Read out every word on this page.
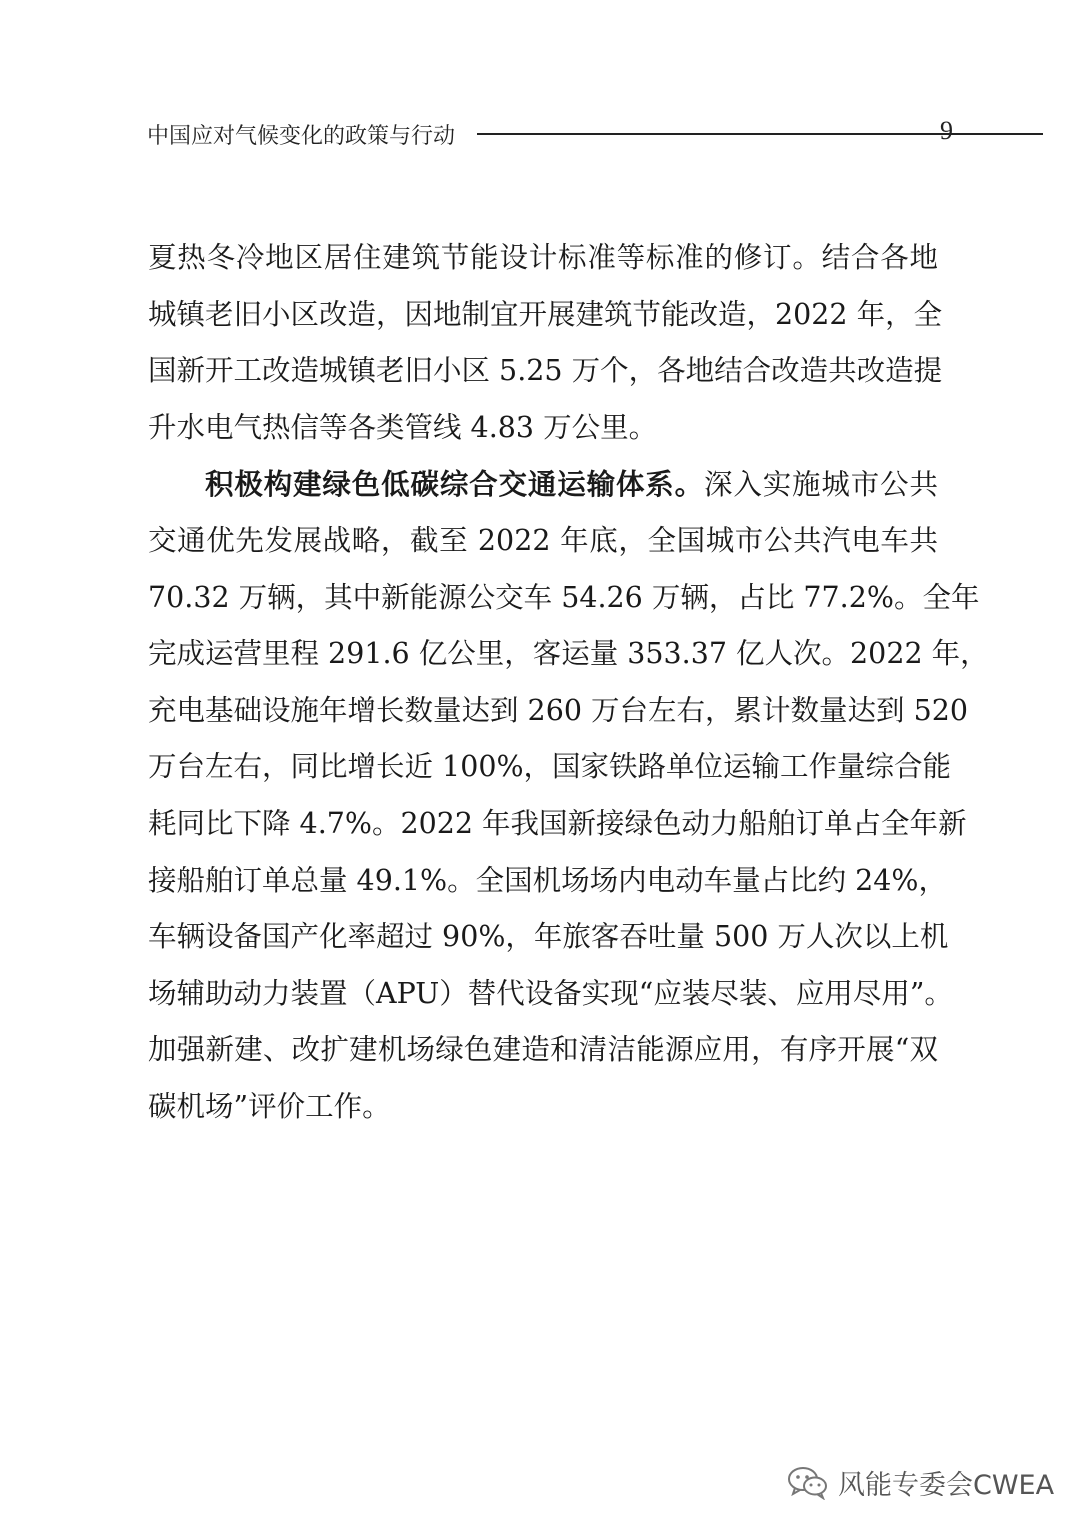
中国应对气候变化的政策与行动	9
夏热冬冷地区居住建筑节能设计标准等标准的修订。结合各地
城镇老旧小区改造，因地制宜开展建筑节能改造，2022 年，全
国新开工改造城镇老旧小区 5.25 万个，各地结合改造共改造提
升水电气热信等各类管线 4.83 万公里。
积极构建绿色低碳综合交通运输体系。深入实施城市公共
交通优先发展战略，截至 2022 年底，全国城市公共汽电车共
70.32 万辆，其中新能源公交车 54.26 万辆，占比 77.2%。全年
完成运营里程 291.6 亿公里，客运量 353.37 亿人次。2022 年，
充电基础设施年增长数量达到 260 万台左右，累计数量达到 520
万台左右，同比增长近 100%，国家铁路单位运输工作量综合能
耗同比下降 4.7%。2022 年我国新接绿色动力船舶订单占全年新
接船舶订单总量 49.1%。全国机场场内电动车量占比约 24%，
车辆设备国产化率超过 90%，年旅客吞吐量 500 万人次以上机
场辅助动力装置（APU）替代设备实现“应装尽装、应用尽用”。
加强新建、改扩建机场绿色建造和清洁能源应用，有序开展“双
碳机场”评价工作。
风能专委会CWEA
